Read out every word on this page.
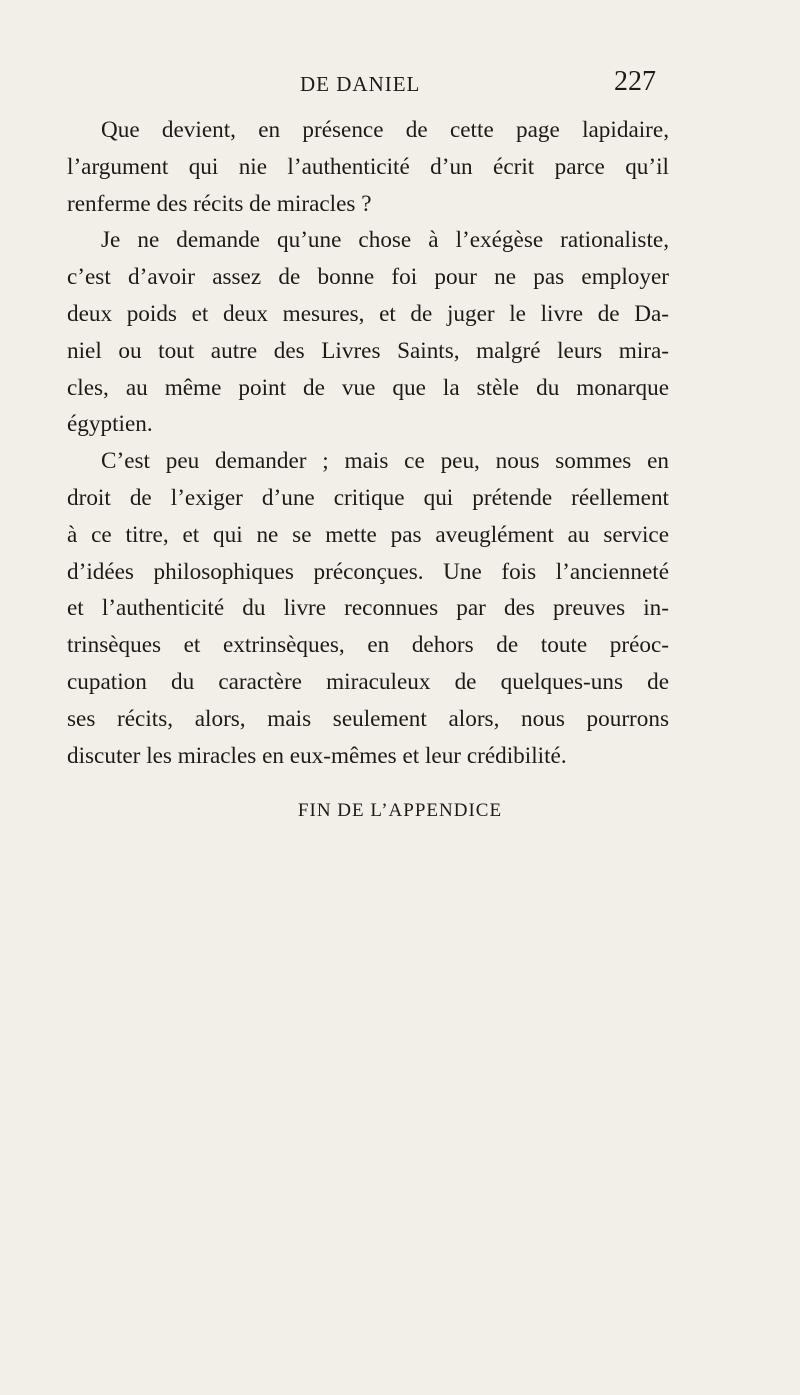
DE DANIEL	227
Que devient, en présence de cette page lapidaire,
l’argument qui nie l’authenticité d’un écrit parce qu’il
renferme des récits de miracles ?
Je ne demande qu’une chose à l’exégèse rationaliste,
c’est d’avoir assez de bonne foi pour ne pas employer
deux poids et deux mesures, et de juger le livre de Da-
niel ou tout autre des Livres Saints, malgré leurs mira-
cles, au même point de vue que la stèle du monarque
égyptien.
C’est peu demander ; mais ce peu, nous sommes en
droit de l’exiger d’une critique qui prétende réellement
à ce titre, et qui ne se mette pas aveuglément au service
d’idées philosophiques préconçues. Une fois l’ancienneté
et l’authenticité du livre reconnues par des preuves in-
trinsèques et extrinsèques, en dehors de toute préoc-
cupation du caractère miraculeux de quelques-uns de
ses récits, alors, mais seulement alors, nous pourrons
discuter les miracles en eux-mêmes et leur crédibilité.
FIN DE L’APPENDICE
